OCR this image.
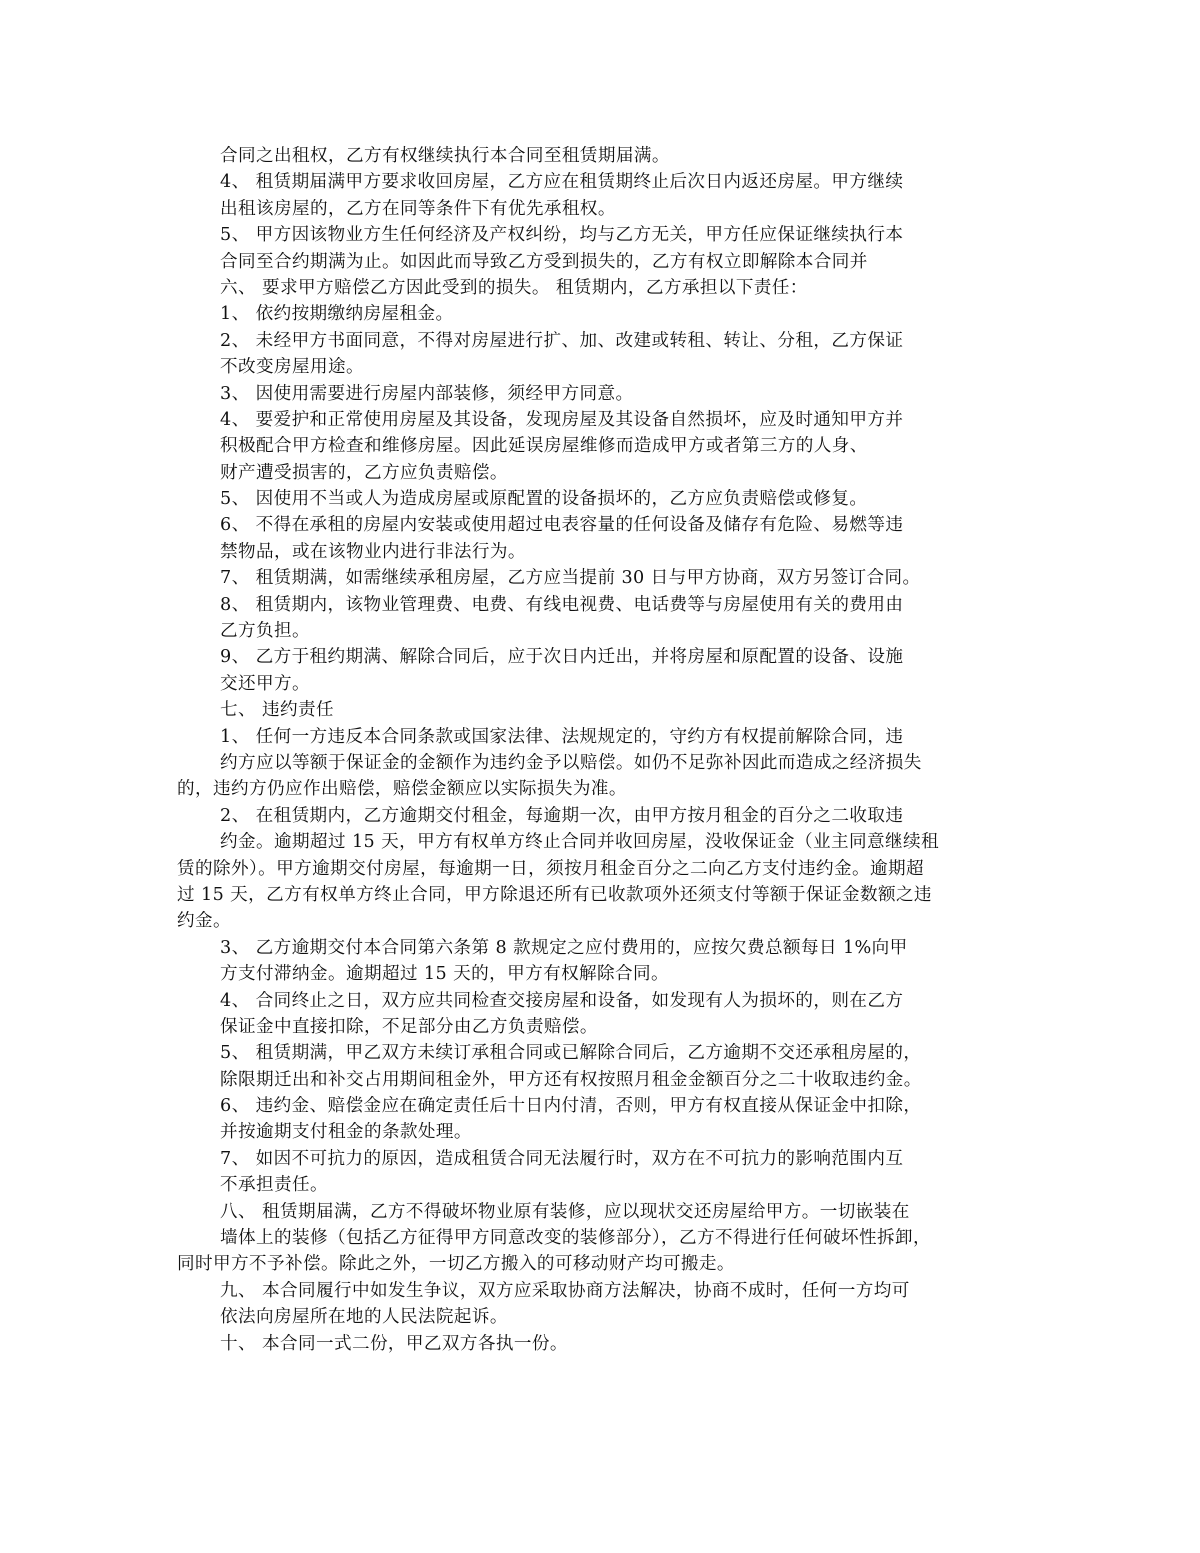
合同之出租权，乙方有权继续执行本合同至租赁期届满。
4、 租赁期届满甲方要求收回房屋，乙方应在租赁期终止后次日内返还房屋。甲方继续
出租该房屋的，乙方在同等条件下有优先承租权。
5、 甲方因该物业方生任何经济及产权纠纷，均与乙方无关，甲方任应保证继续执行本
合同至合约期满为止。如因此而导致乙方受到损失的，乙方有权立即解除本合同并
六、 要求甲方赔偿乙方因此受到的损失。 租赁期内，乙方承担以下责任：
1、 依约按期缴纳房屋租金。
2、 未经甲方书面同意，不得对房屋进行扩、加、改建或转租、转让、分租，乙方保证
不改变房屋用途。
3、 因使用需要进行房屋内部装修，须经甲方同意。
4、 要爱护和正常使用房屋及其设备，发现房屋及其设备自然损坏，应及时通知甲方并
积极配合甲方检查和维修房屋。因此延误房屋维修而造成甲方或者第三方的人身、
财产遭受损害的，乙方应负责赔偿。
5、 因使用不当或人为造成房屋或原配置的设备损坏的，乙方应负责赔偿或修复。
6、 不得在承租的房屋内安装或使用超过电表容量的任何设备及储存有危险、易燃等违
禁物品，或在该物业内进行非法行为。
7、 租赁期满，如需继续承租房屋，乙方应当提前 30 日与甲方协商，双方另签订合同。
8、 租赁期内，该物业管理费、电费、有线电视费、电话费等与房屋使用有关的费用由
乙方负担。
9、 乙方于租约期满、解除合同后，应于次日内迁出，并将房屋和原配置的设备、设施
交还甲方。
七、 违约责任
1、 任何一方违反本合同条款或国家法律、法规规定的，守约方有权提前解除合同，违
约方应以等额于保证金的金额作为违约金予以赔偿。如仍不足弥补因此而造成之经济损失
的，违约方仍应作出赔偿，赔偿金额应以实际损失为准。
2、 在租赁期内，乙方逾期交付租金，每逾期一次，由甲方按月租金的百分之二收取违
约金。逾期超过 15 天，甲方有权单方终止合同并收回房屋，没收保证金（业主同意继续租
赁的除外）。甲方逾期交付房屋，每逾期一日，须按月租金百分之二向乙方支付违约金。逾期超
过 15 天，乙方有权单方终止合同，甲方除退还所有已收款项外还须支付等额于保证金数额之违
约金。
3、 乙方逾期交付本合同第六条第 8 款规定之应付费用的，应按欠费总额每日 1%向甲
方支付滞纳金。逾期超过 15 天的，甲方有权解除合同。
4、 合同终止之日，双方应共同检查交接房屋和设备，如发现有人为损坏的，则在乙方
保证金中直接扣除，不足部分由乙方负责赔偿。
5、 租赁期满，甲乙双方未续订承租合同或已解除合同后，乙方逾期不交还承租房屋的，
除限期迁出和补交占用期间租金外，甲方还有权按照月租金金额百分之二十收取违约金。
6、 违约金、赔偿金应在确定责任后十日内付清，否则，甲方有权直接从保证金中扣除，
并按逾期支付租金的条款处理。
7、 如因不可抗力的原因，造成租赁合同无法履行时，双方在不可抗力的影响范围内互
不承担责任。
八、 租赁期届满，乙方不得破坏物业原有装修，应以现状交还房屋给甲方。一切嵌装在
墙体上的装修（包括乙方征得甲方同意改变的装修部分），乙方不得进行任何破坏性拆卸，
同时甲方不予补偿。除此之外，一切乙方搬入的可移动财产均可搬走。
九、 本合同履行中如发生争议，双方应采取协商方法解决，协商不成时，任何一方均可
依法向房屋所在地的人民法院起诉。
十、 本合同一式二份，甲乙双方各执一份。
